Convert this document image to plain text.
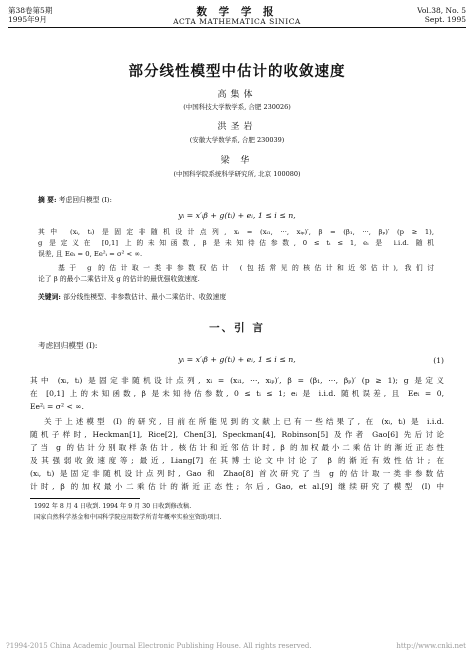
第38卷第5期
1995年9月
数 学 学 报
ACTA MATHEMATICA SINICA
Vol.38, No. 5
Sept. 1995
部分线性模型中估计的收敛速度
高集体
(中国科技大学数学系, 合肥 230026)
洪圣岩
(安徽大学数学系, 合肥 230039)
梁 华
(中国科学院系统科学研究所, 北京 100080)
摘 要: 考虑回归模型 (I):
yᵢ = x′ᵢβ + g(tᵢ) + eᵢ, 1 ≤ i ≤ n,
其中 (xᵢ, tᵢ) 是固定非随机设计点列, xᵢ = (xᵢ₁, ···, xᵢₚ)′, β = (β₁, ···, βₚ)′ (p ≥ 1),
g 是定义在 [0,1] 上的未知函数, β 是未知待估参数, 0 ≤ tᵢ ≤ 1, eᵢ 是 i.i.d. 随机
误差, 且 Eeᵢ = 0, Ee²ᵢ = σ² < ∞.
基于 g 的估计取一类非参数权估计 (包括常见的核估计和近邻估计), 我们讨
论了 β 的最小二乘估计及 g 的估计的最优强收敛速度.
关键词: 部分线性模型、非参数估计、最小二乘估计、收敛速度
一、引 言
考虑回归模型 (I):
yᵢ = x′ᵢβ + g(tᵢ) + eᵢ, 1 ≤ i ≤ n,	(1)
其中 (xᵢ, tᵢ) 是固定非随机设计点列, xᵢ = (xᵢ₁, ···, xᵢₚ)′, β = (β₁, ···, βₚ)′ (p ≥ 1); g 是定义
在 [0,1] 上的未知函数, β 是未知待估参数, 0 ≤ tᵢ ≤ 1; eᵢ 是 i.i.d. 随机误差, 且 Eeᵢ = 0,
Ee²ᵢ = σ² < ∞.
关于上述模型 (I) 的研究, 目前在所能见到的文献上已有一些结果了, 在 (xᵢ, tᵢ) 是 i.i.d.
随机子样时, Heckman[1], Rice[2], Chen[3], Speckman[4], Robinson[5] 及作者 Gao[6] 先后讨论
了当 g 的估计分别取样条估计, 核估计和近邻估计时, β 的加权最小二乘估计的渐近正态性
及其强弱收敛速度等; 最近, Liang[7] 在其博士论文中讨论了 β 的渐近有效性估计; 在
(xᵢ, tᵢ) 是固定非随机设计点列时, Gao 和 Zhao[8] 首次研究了当 g 的估计取一类非参数估
计时, β 的加权最小二乘估计的渐近正态性; 尔后, Gao, et al.[9] 继续研究了模型 (I) 中
1992 年 8 月 4 日收到. 1994 年 9 月 30 日收到修改稿.
国家自然科学基金和中国科学院应用数学所青年概率实验室资助项目.
?1994-2015 China Academic Journal Electronic Publishing House. All rights reserved.	http://www.cnki.net
